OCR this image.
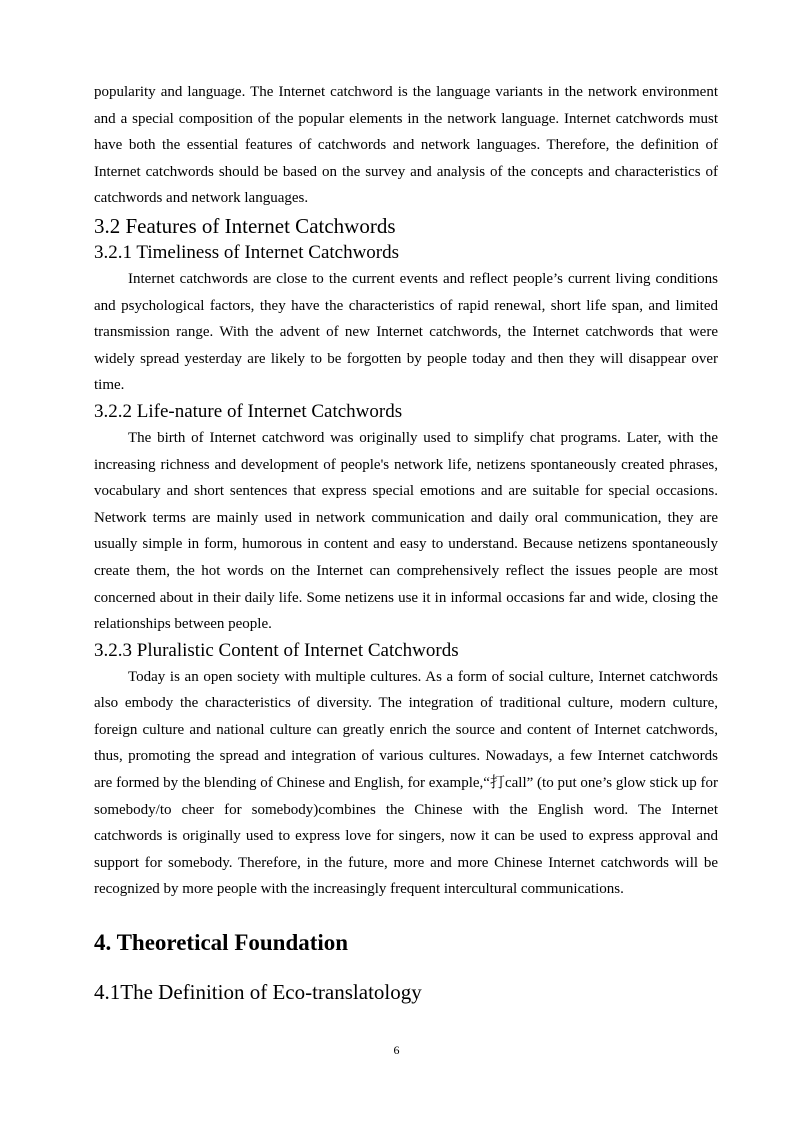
popularity and language. The Internet catchword is the language variants in the network environment and a special composition of the popular elements in the network language. Internet catchwords must have both the essential features of catchwords and network languages. Therefore, the definition of Internet catchwords should be based on the survey and analysis of the concepts and characteristics of catchwords and network languages.

3.2 Features of Internet Catchwords
3.2.1 Timeliness of Internet Catchwords

Internet catchwords are close to the current events and reflect people’s current living conditions and psychological factors, they have the characteristics of rapid renewal, short life span, and limited transmission range. With the advent of new Internet catchwords, the Internet catchwords that were widely spread yesterday are likely to be forgotten by people today and then they will disappear over time.

3.2.2 Life-nature of Internet Catchwords

The birth of Internet catchword was originally used to simplify chat programs. Later, with the increasing richness and development of people's network life, netizens spontaneously created phrases, vocabulary and short sentences that express special emotions and are suitable for special occasions. Network terms are mainly used in network communication and daily oral communication, they are usually simple in form, humorous in content and easy to understand. Because netizens spontaneously create them, the hot words on the Internet can comprehensively reflect the issues people are most concerned about in their daily life. Some netizens use it in informal occasions far and wide, closing the relationships between people.

3.2.3 Pluralistic Content of Internet Catchwords

Today is an open society with multiple cultures. As a form of social culture, Internet catchwords also embody the characteristics of diversity. The integration of traditional culture, modern culture, foreign culture and national culture can greatly enrich the source and content of Internet catchwords, thus, promoting the spread and integration of various cultures. Nowadays, a few Internet catchwords are formed by the blending of Chinese and English, for example,“打call” (to put one’s glow stick up for somebody/to cheer for somebody)combines the Chinese with the English word. The Internet catchwords is originally used to express love for singers, now it can be used to express approval and support for somebody. Therefore, in the future, more and more Chinese Internet catchwords will be recognized by more people with the increasingly frequent intercultural communications.

4. Theoretical Foundation
4.1The Definition of Eco-translatology
6
